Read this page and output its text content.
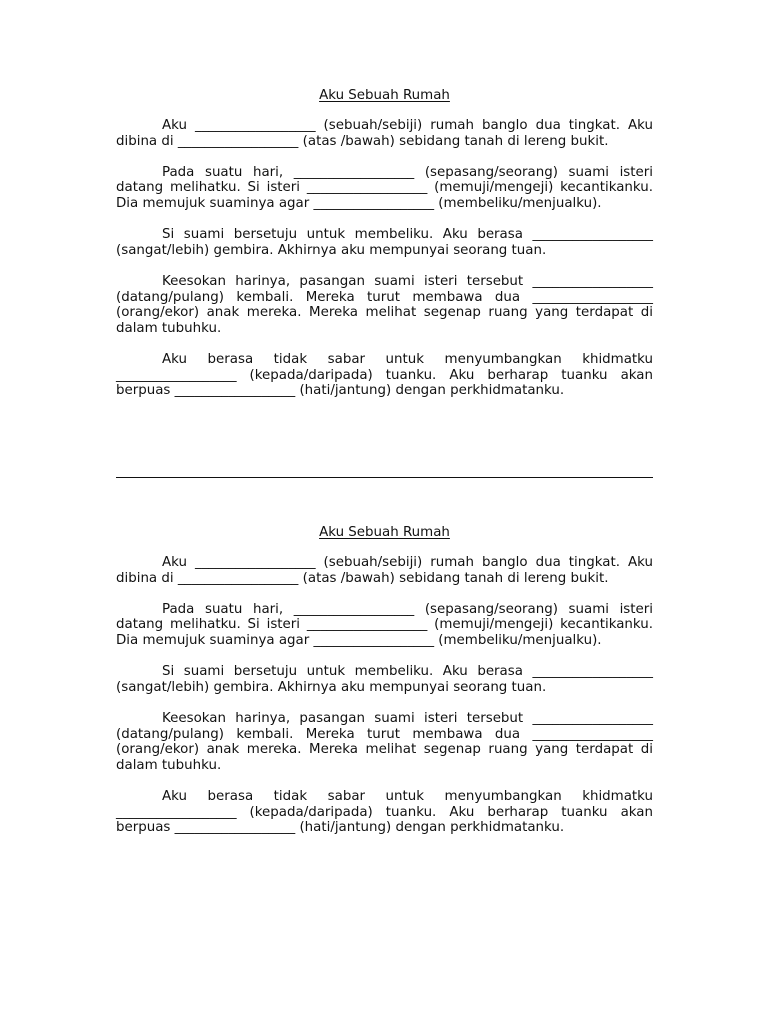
Aku Sebuah Rumah

Aku __________________ (sebuah/sebiji) rumah banglo dua tingkat. Aku dibina di __________________ (atas /bawah) sebidang tanah di lereng bukit.

Pada suatu hari, __________________ (sepasang/seorang) suami isteri datang melihatku. Si isteri __________________ (memuji/mengeji) kecantikanku. Dia memujuk suaminya agar __________________ (membeliku/menjualku).

Si suami bersetuju untuk membeliku. Aku berasa __________________ (sangat/lebih) gembira. Akhirnya aku mempunyai seorang tuan.

Keesokan harinya, pasangan suami isteri tersebut __________________ (datang/pulang) kembali. Mereka turut membawa dua __________________ (orang/ekor) anak mereka. Mereka melihat segenap ruang yang terdapat di dalam tubuhku.

Aku berasa tidak sabar untuk menyumbangkan khidmatku __________________ (kepada/daripada) tuanku. Aku berharap tuanku akan berpuas __________________ (hati/jantung) dengan perkhidmatanku.

Aku Sebuah Rumah

Aku __________________ (sebuah/sebiji) rumah banglo dua tingkat. Aku dibina di __________________ (atas /bawah) sebidang tanah di lereng bukit.

Pada suatu hari, __________________ (sepasang/seorang) suami isteri datang melihatku. Si isteri __________________ (memuji/mengeji) kecantikanku. Dia memujuk suaminya agar __________________ (membeliku/menjualku).

Si suami bersetuju untuk membeliku. Aku berasa __________________ (sangat/lebih) gembira. Akhirnya aku mempunyai seorang tuan.

Keesokan harinya, pasangan suami isteri tersebut __________________ (datang/pulang) kembali. Mereka turut membawa dua __________________ (orang/ekor) anak mereka. Mereka melihat segenap ruang yang terdapat di dalam tubuhku.

Aku berasa tidak sabar untuk menyumbangkan khidmatku __________________ (kepada/daripada) tuanku. Aku berharap tuanku akan berpuas __________________ (hati/jantung) dengan perkhidmatanku.
